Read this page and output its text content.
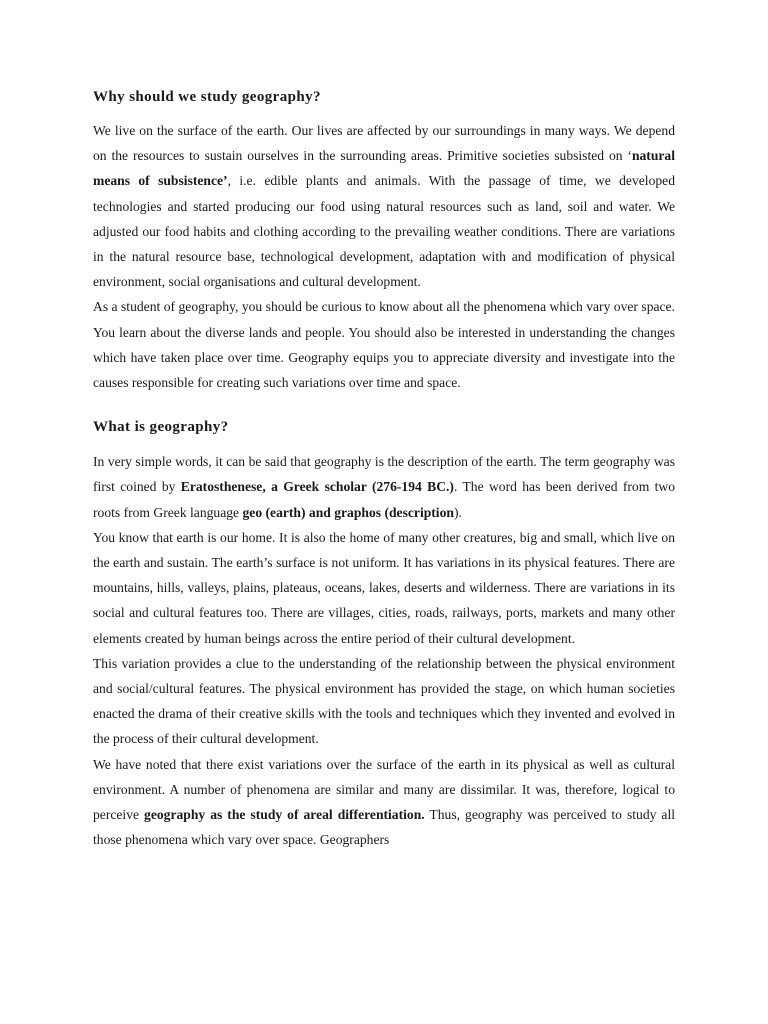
Why should we study geography?

We live on the surface of the earth. Our lives are affected by our surroundings in many ways. We depend on the resources to sustain ourselves in the surrounding areas. Primitive societies subsisted on ‘natural means of subsistence’, i.e. edible plants and animals. With the passage of time, we developed technologies and started producing our food using natural resources such as land, soil and water. We adjusted our food habits and clothing according to the prevailing weather conditions. There are variations in the natural resource base, technological development, adaptation with and modification of physical environment, social organisations and cultural development.

As a student of geography, you should be curious to know about all the phenomena which vary over space. You learn about the diverse lands and people. You should also be interested in understanding the changes which have taken place over time. Geography equips you to appreciate diversity and investigate into the causes responsible for creating such variations over time and space.

What is geography?

In very simple words, it can be said that geography is the description of the earth. The term geography was first coined by Eratosthenese, a Greek scholar (276-194 BC.). The word has been derived from two roots from Greek language geo (earth) and graphos (description).

You know that earth is our home. It is also the home of many other creatures, big and small, which live on the earth and sustain. The earth’s surface is not uniform. It has variations in its physical features. There are mountains, hills, valleys, plains, plateaus, oceans, lakes, deserts and wilderness. There are variations in its social and cultural features too. There are villages, cities, roads, railways, ports, markets and many other elements created by human beings across the entire period of their cultural development.

This variation provides a clue to the understanding of the relationship between the physical environment and social/cultural features. The physical environment has provided the stage, on which human societies enacted the drama of their creative skills with the tools and techniques which they invented and evolved in the process of their cultural development.

We have noted that there exist variations over the surface of the earth in its physical as well as cultural environment. A number of phenomena are similar and many are dissimilar. It was, therefore, logical to perceive geography as the study of areal differentiation. Thus, geography was perceived to study all those phenomena which vary over space. Geographers
